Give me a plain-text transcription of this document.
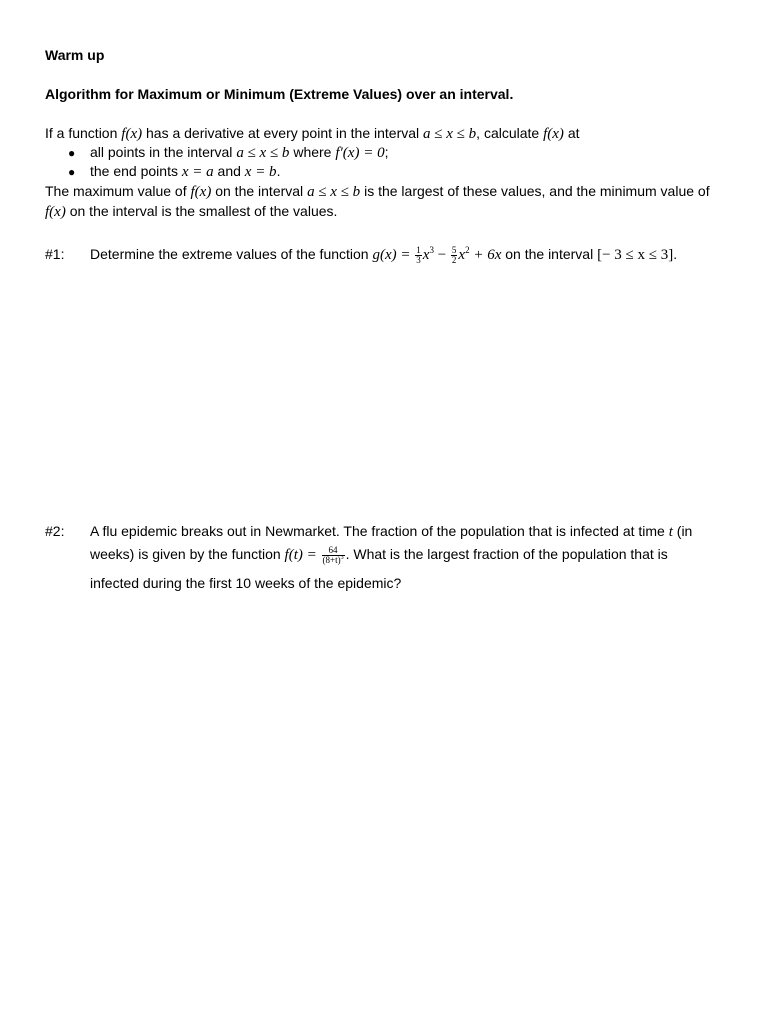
Warm up
Algorithm for Maximum or Minimum (Extreme Values) over an interval.
If a function f(x) has a derivative at every point in the interval a ≤ x ≤ b, calculate f(x) at
● all points in the interval a ≤ x ≤ b where f′(x) = 0;
● the end points x = a and x = b.
The maximum value of f(x) on the interval a ≤ x ≤ b is the largest of these values, and the minimum value of
f(x) on the interval is the smallest of the values.
#1: Determine the extreme values of the function $g(x) = \frac{1}{3} x^3 - \frac{5}{2} x^2 + 6x$ on the interval [− 3 ≤ x ≤ 3].
#2: A flu epidemic breaks out in Newmarket. The fraction of the population that is infected at time t (in
weeks) is given by the function $f(t) = \frac{64}{(8+t)^3}$ . What is the largest fraction of the population that is
infected during the first 10 weeks of the epidemic?
